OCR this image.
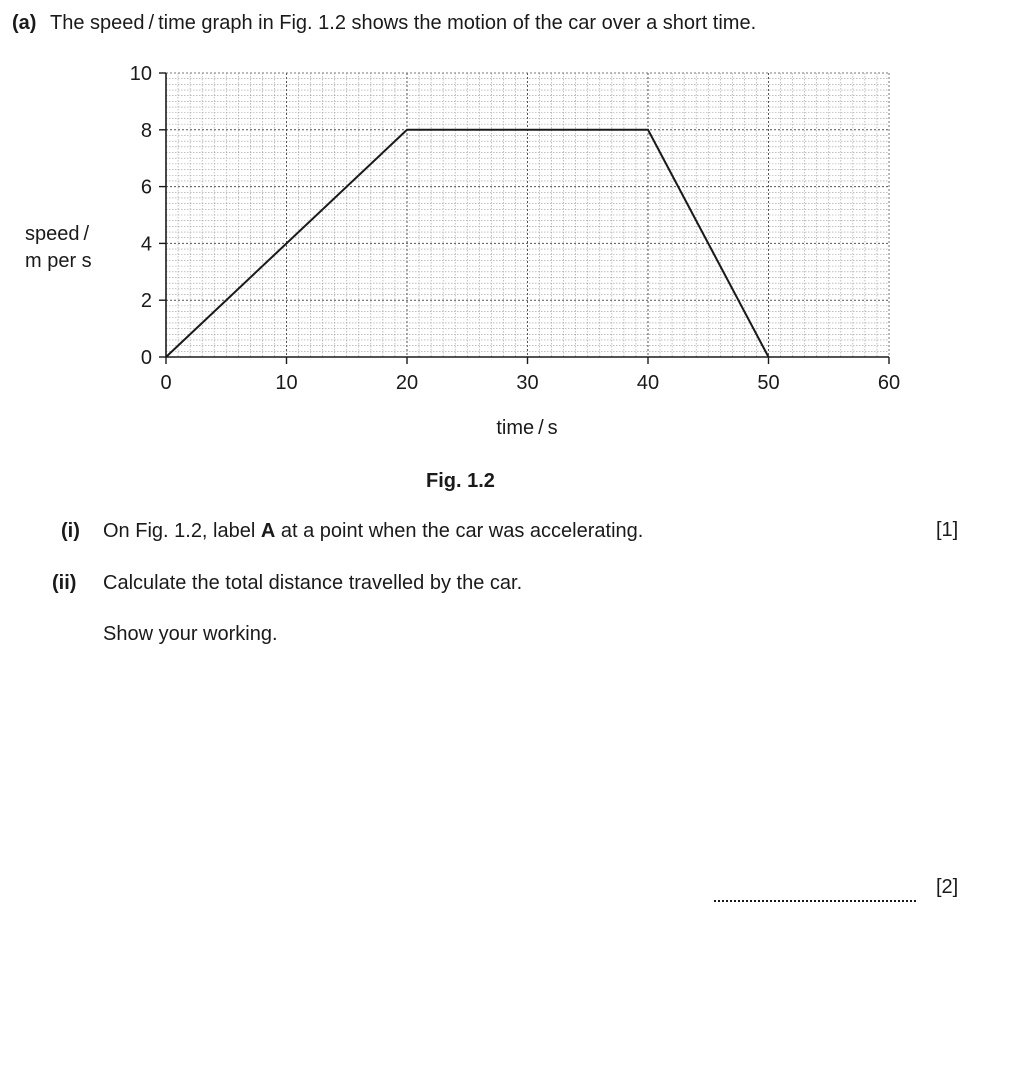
(a) The speed / time graph in Fig. 1.2 shows the motion of the car over a short time.
0	10	20	30	40	50	60
0
2
4
6
8
10
speed /
m per s
time / s
Fig. 1.2
(i) On Fig. 1.2, label A at a point when the car was accelerating.	[1]
(ii) Calculate the total distance travelled by the car.
Show your working.
[2]
